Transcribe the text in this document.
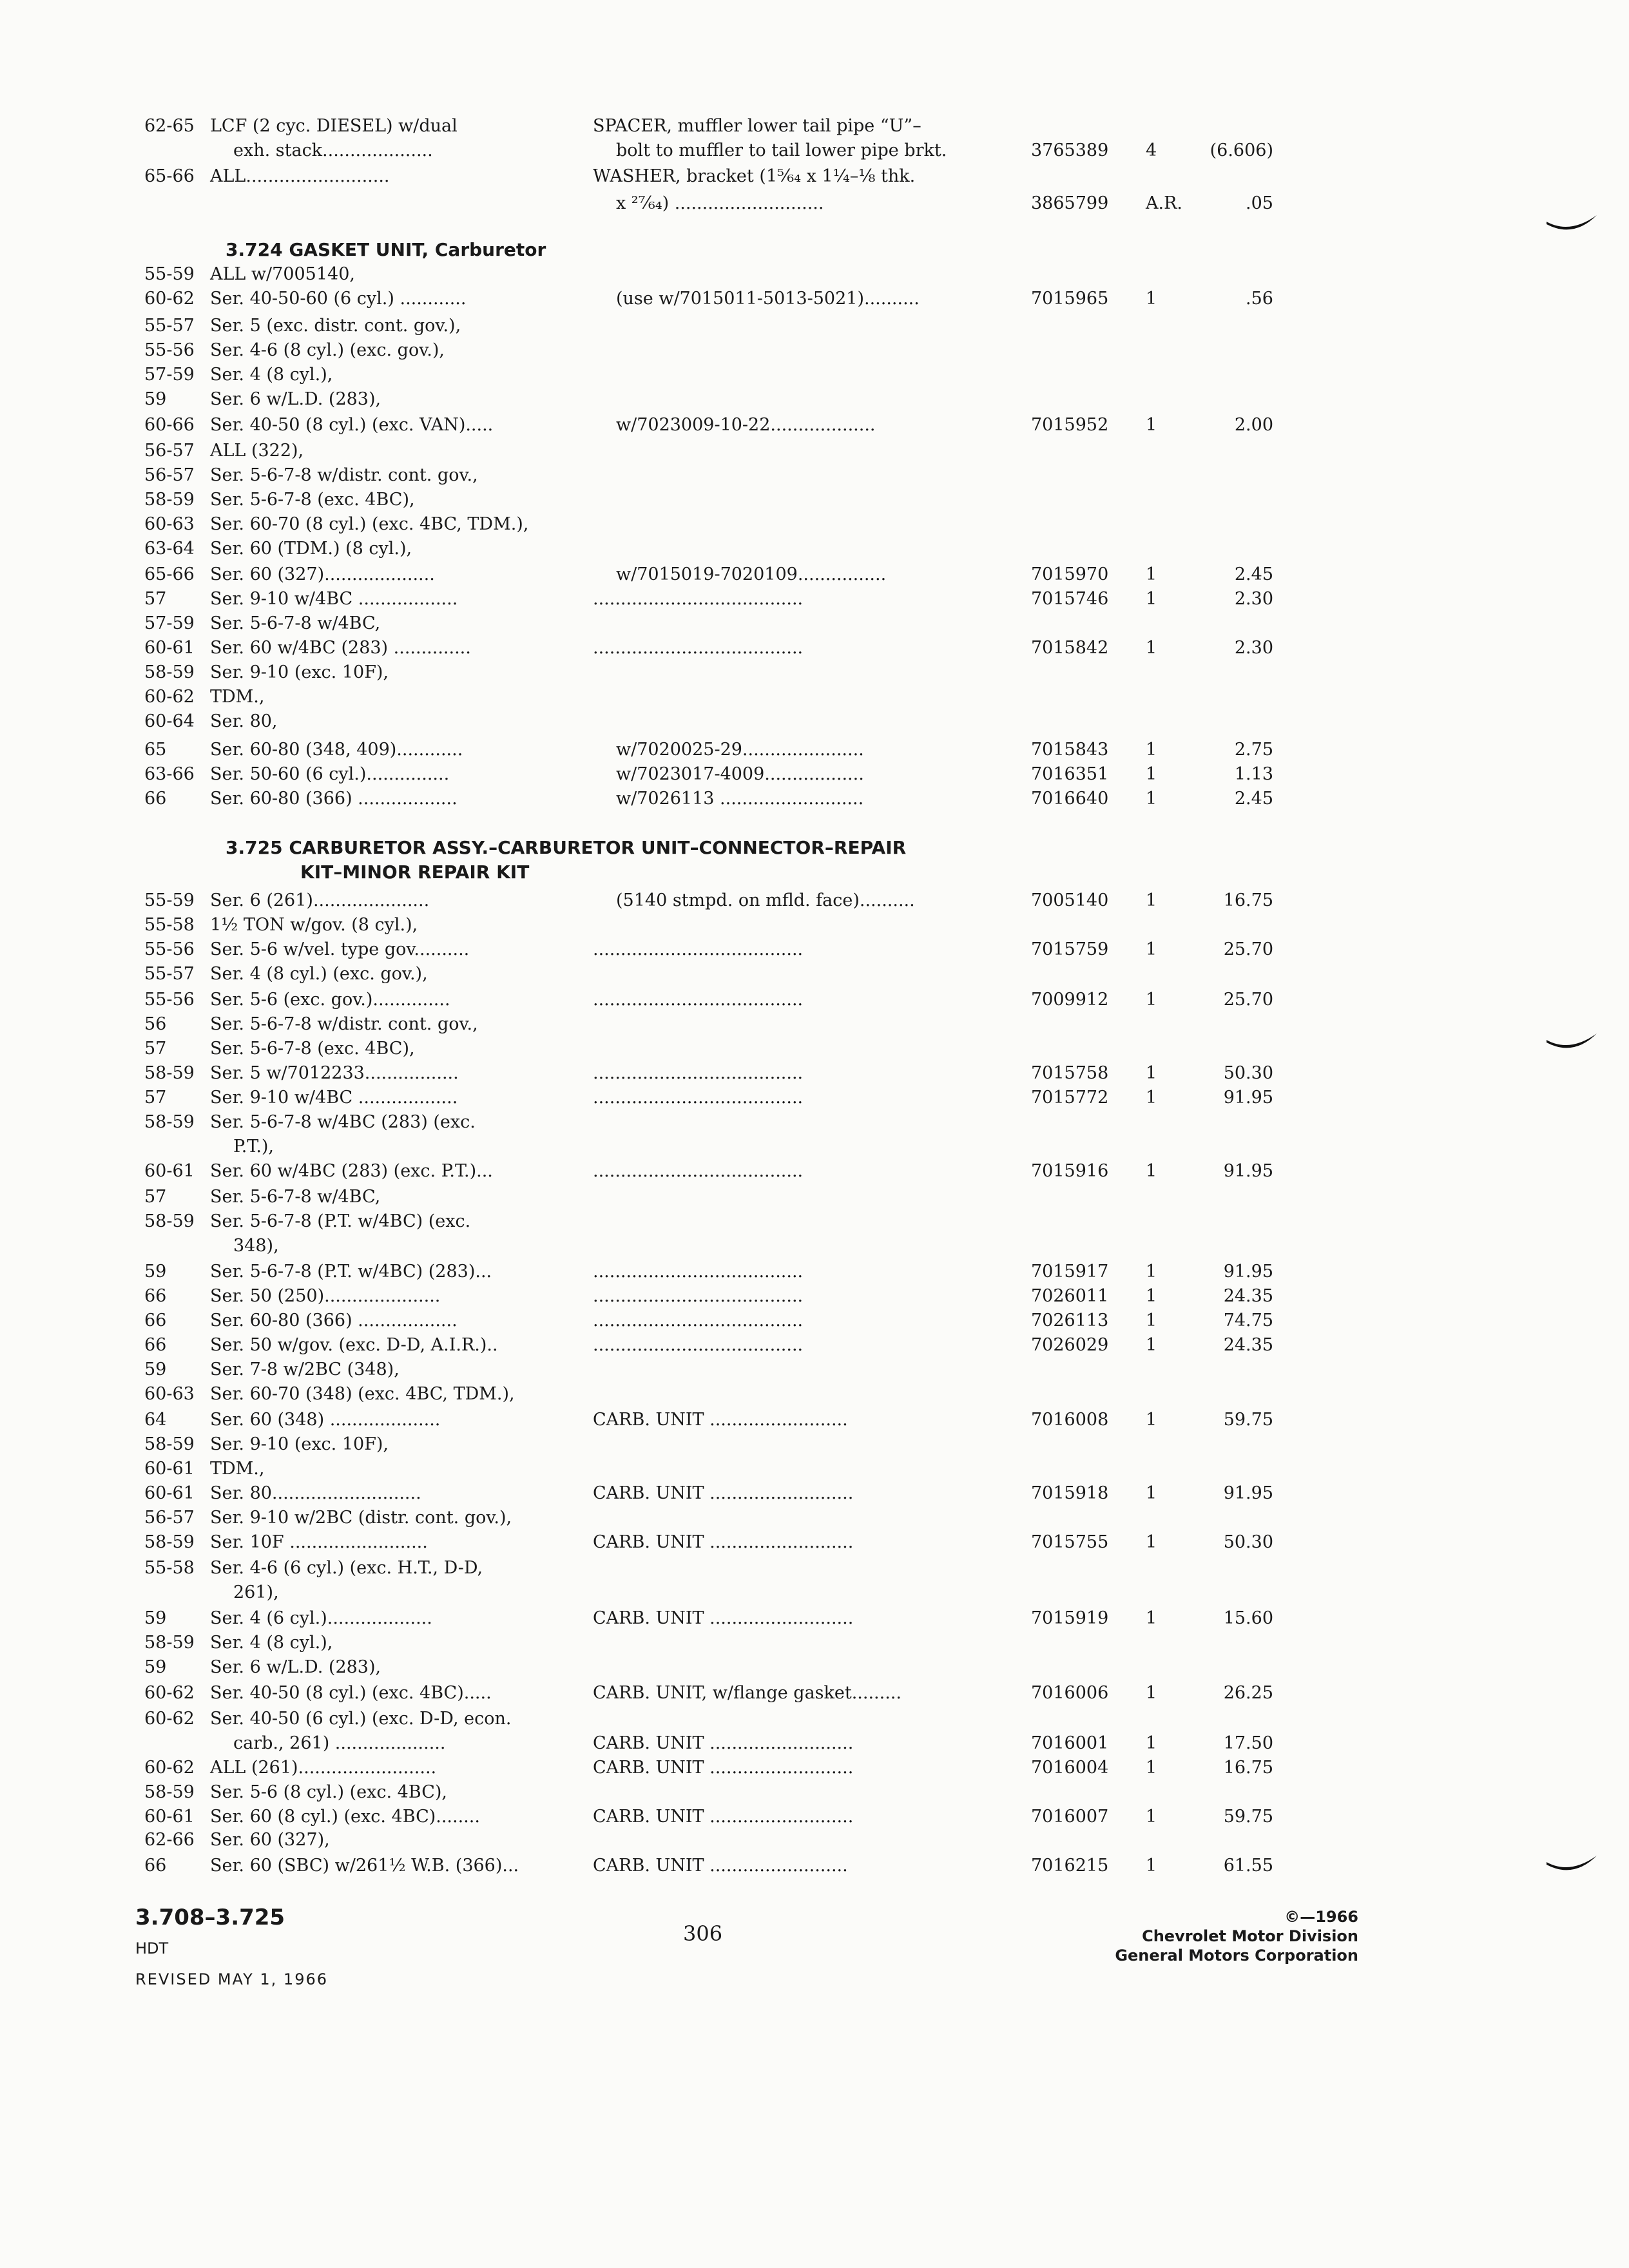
3.724 GASKET UNIT, Carburetor
3.725 CARBURETOR ASSY.–CARBURETOR UNIT–CONNECTOR–REPAIR
KIT–MINOR REPAIR KIT
62-65 LCF (2 cyc. DIESEL) w/dual	SPACER, muffler lower tail pipe “U”–
exh. stack....................	bolt to muffler to tail lower pipe brkt.	3765389 4	(6.606)
65-66 ALL..........................	WASHER, bracket (1⁵⁄₆₄ x 1¼–⅛ thk.
x ²⁷⁄₆₄) ...........................	3865799 A.R.	.05
55-59 ALL w/7005140,
60-62 Ser. 40-50-60 (6 cyl.) ............	(use w/7015011-5013-5021)..........	7015965 1	.56
55-57 Ser. 5 (exc. distr. cont. gov.),
55-56 Ser. 4-6 (8 cyl.) (exc. gov.),
57-59 Ser. 4 (8 cyl.),
59	Ser. 6 w/L.D. (283),
60-66 Ser. 40-50 (8 cyl.) (exc. VAN).....	w/7023009-10-22...................	7015952 1	2.00
56-57 ALL (322),
56-57 Ser. 5-6-7-8 w/distr. cont. gov.,
58-59 Ser. 5-6-7-8 (exc. 4BC),
60-63 Ser. 60-70 (8 cyl.) (exc. 4BC, TDM.),
63-64 Ser. 60 (TDM.) (8 cyl.),
65-66 Ser. 60 (327)....................	w/7015019-7020109................	7015970 1	2.45
57	Ser. 9-10 w/4BC ..................	......................................	7015746 1	2.30
57-59 Ser. 5-6-7-8 w/4BC,
60-61 Ser. 60 w/4BC (283) ..............	......................................	7015842 1	2.30
58-59 Ser. 9-10 (exc. 10F),
60-62 TDM.,
60-64 Ser. 80,
65	Ser. 60-80 (348, 409)............	w/7020025-29......................	7015843 1	2.75
63-66 Ser. 50-60 (6 cyl.)...............	w/7023017-4009..................	7016351 1	1.13
66	Ser. 60-80 (366) ..................	w/7026113 ..........................	7016640 1	2.45
55-59 Ser. 6 (261).....................	(5140 stmpd. on mfld. face)..........	7005140 1	16.75
55-58 1½ TON w/gov. (8 cyl.),
55-56 Ser. 5-6 w/vel. type gov..........	......................................	7015759 1	25.70
55-57 Ser. 4 (8 cyl.) (exc. gov.),
55-56 Ser. 5-6 (exc. gov.)..............	......................................	7009912 1	25.70
56	Ser. 5-6-7-8 w/distr. cont. gov.,
57	Ser. 5-6-7-8 (exc. 4BC),
58-59 Ser. 5 w/7012233.................	......................................	7015758 1	50.30
57	Ser. 9-10 w/4BC ..................	......................................	7015772 1	91.95
58-59 Ser. 5-6-7-8 w/4BC (283) (exc.
P.T.),
60-61 Ser. 60 w/4BC (283) (exc. P.T.)...	......................................	7015916 1	91.95
57	Ser. 5-6-7-8 w/4BC,
58-59 Ser. 5-6-7-8 (P.T. w/4BC) (exc.
348),
59	Ser. 5-6-7-8 (P.T. w/4BC) (283)...	......................................	7015917 1	91.95
66	Ser. 50 (250).....................	......................................	7026011 1	24.35
66	Ser. 60-80 (366) ..................	......................................	7026113 1	74.75
66	Ser. 50 w/gov. (exc. D-D, A.I.R.)..	......................................	7026029 1	24.35
59	Ser. 7-8 w/2BC (348),
60-63 Ser. 60-70 (348) (exc. 4BC, TDM.),
64	Ser. 60 (348) ....................	CARB. UNIT .........................	7016008 1	59.75
58-59 Ser. 9-10 (exc. 10F),
60-61 TDM.,
60-61 Ser. 80...........................	CARB. UNIT ..........................	7015918 1	91.95
56-57 Ser. 9-10 w/2BC (distr. cont. gov.),
58-59 Ser. 10F .........................	CARB. UNIT ..........................	7015755 1	50.30
55-58 Ser. 4-6 (6 cyl.) (exc. H.T., D-D,
261),
59	Ser. 4 (6 cyl.)...................	CARB. UNIT ..........................	7015919 1	15.60
58-59 Ser. 4 (8 cyl.),
59	Ser. 6 w/L.D. (283),
60-62 Ser. 40-50 (8 cyl.) (exc. 4BC).....	CARB. UNIT, w/flange gasket.........	7016006 1	26.25
60-62 Ser. 40-50 (6 cyl.) (exc. D-D, econ.
carb., 261) ....................	CARB. UNIT ..........................	7016001 1	17.50
60-62 ALL (261).........................	CARB. UNIT ..........................	7016004 1	16.75
58-59 Ser. 5-6 (8 cyl.) (exc. 4BC),
60-61 Ser. 60 (8 cyl.) (exc. 4BC)........	CARB. UNIT ..........................	7016007 1	59.75
62-66 Ser. 60 (327),
66	Ser. 60 (SBC) w/261½ W.B. (366)...	CARB. UNIT .........................	7016215 1	61.55
3.708–3.725
HDT
REVISED MAY 1, 1966
306
©—1966
Chevrolet Motor Division
General Motors Corporation
